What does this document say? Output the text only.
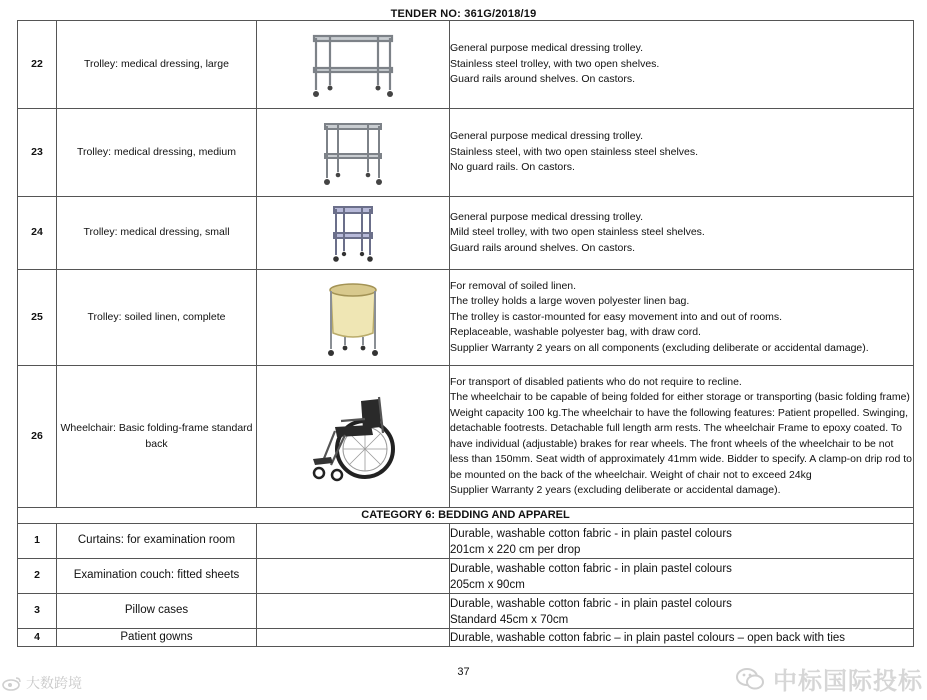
TENDER NO: 361G/2018/19
22	Trolley: medical dressing, large		General purpose medical dressing trolley.
Stainless steel trolley, with two open shelves.
Guard rails around shelves. On castors.

23	Trolley: medical dressing, medium		General purpose medical dressing trolley.
Stainless steel, with two open stainless steel shelves.
No guard rails. On castors.

24	Trolley: medical dressing, small		General purpose medical dressing trolley.
Mild steel trolley, with two open stainless steel shelves.
Guard rails around shelves. On castors.

25	Trolley: soiled linen, complete		For removal of soiled linen.
The trolley holds a large woven polyester linen bag.
The trolley is castor-mounted for easy movement into and out of rooms.
Replaceable, washable polyester bag, with draw cord.
Supplier Warranty 2 years on all components (excluding deliberate or accidental damage).

26	Wheelchair: Basic folding-frame standard back		For transport of disabled patients who do not require to recline.
The wheelchair to be capable of being folded for either storage or transporting (basic folding frame) Weight capacity 100 kg.The wheelchair to have the following features: Patient propelled. Swinging, detachable footrests. Detachable full length arm rests. The wheelchair Frame to epoxy coated. To have individual (adjustable) brakes for rear wheels. The front wheels of the wheelchair to be not less than 150mm. Seat width of approximately 41mm wide. Bidder to specify. A clamp-on drip rod to be mounted on the back of the wheelchair. Weight of chair not to exceed 24kg
Supplier Warranty 2 years (excluding deliberate or accidental damage).

CATEGORY 6: BEDDING AND APPAREL			
1	Curtains: for examination room		Durable, washable cotton fabric - in plain pastel colours
201cm x 220 cm per drop

2	Examination couch: fitted sheets		Durable, washable cotton fabric - in plain pastel colours
205cm x 90cm

3	Pillow cases		Durable, washable cotton fabric - in plain pastel colours
Standard 45cm x 70cm

4	Patient gowns		Durable, washable cotton fabric – in plain pastel colours – open back with ties
37
大数跨境	中标国际投标
